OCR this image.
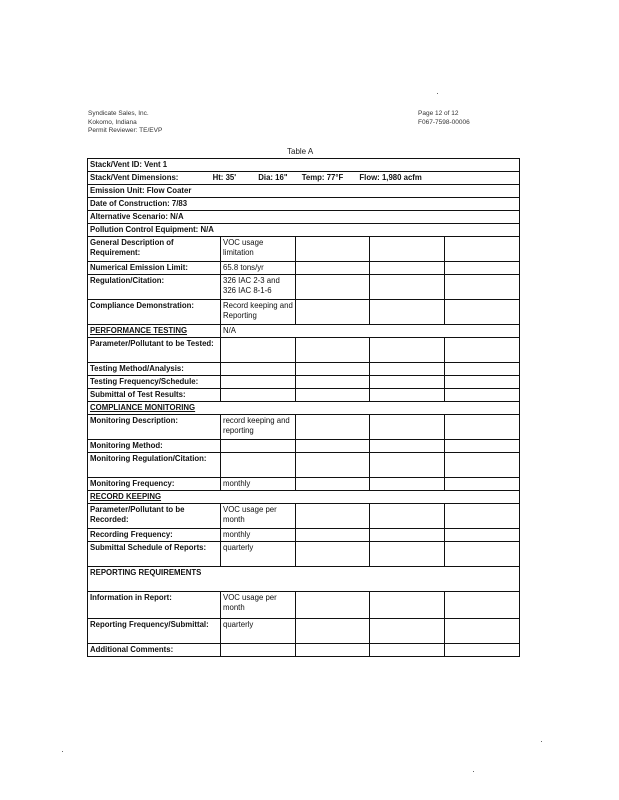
Syndicate Sales, Inc.
Kokomo, Indiana
Permit Reviewer: TE/EVP
Page 12 of 12
F067-7598-00006
Table A
Stack/Vent ID: Vent 1				
Stack/Vent Dimensions: Ht: 35' Dia: 16" Temp: 77°F Flow: 1,980 acfm				
Emission Unit: Flow Coater				
Date of Construction: 7/83				
Alternative Scenario: N/A				
Pollution Control Equipment: N/A				
General Description of Requirement:	VOC usage limitation			
Numerical Emission Limit:	65.8 tons/yr			
Regulation/Citation:	326 IAC 2-3 and 326 IAC 8-1-6			
Compliance Demonstration:	Record keeping and Reporting			
PERFORMANCE TESTING	N/A			
Parameter/Pollutant to be Tested:				
Testing Method/Analysis:				
Testing Frequency/Schedule:				
Submittal of Test Results:				
COMPLIANCE MONITORING				
Monitoring Description:	record keeping and reporting			
Monitoring Method:				
Monitoring Regulation/Citation:				
Monitoring Frequency:	monthly			
RECORD KEEPING				
Parameter/Pollutant to be Recorded:	VOC usage per month			
Recording Frequency:	monthly			
Submittal Schedule of Reports:	quarterly			
REPORTING REQUIREMENTS				
Information in Report:	VOC usage per month			
Reporting Frequency/Submittal:	quarterly			
Additional Comments:				
